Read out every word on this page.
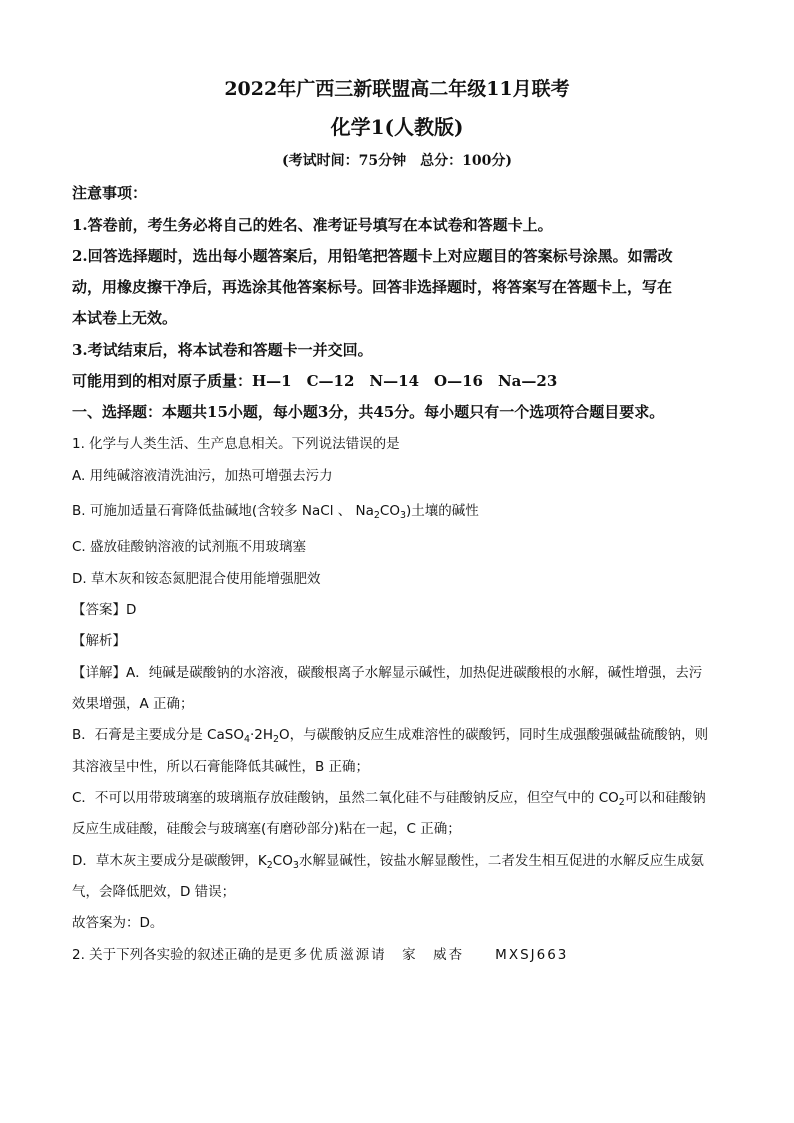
2022年广西三新联盟高二年级11月联考
化学1(人教版)
(考试时间：75分钟　总分：100分)
注意事项：
1.答卷前，考生务必将自己的姓名、准考证号填写在本试卷和答题卡上。
2.回答选择题时，选出每小题答案后，用铅笔把答题卡上对应题目的答案标号涂黑。如需改
动，用橡皮擦干净后，再选涂其他答案标号。回答非选择题时，将答案写在答题卡上，写在
本试卷上无效。
3.考试结束后，将本试卷和答题卡一并交回。
可能用到的相对原子质量：H—1　C—12　N—14　O—16　Na—23
一、选择题：本题共15小题，每小题3分，共45分。每小题只有一个选项符合题目要求。
1. 化学与人类生活、生产息息相关。下列说法错误的是
A. 用纯碱溶液清洗油污，加热可增强去污力
B. 可施加适量石膏降低盐碱地(含较多 NaCl 、 $Na_2CO_3$)土壤的碱性
C. 盛放硅酸钠溶液的试剂瓶不用玻璃塞
D. 草木灰和铵态氮肥混合使用能增强肥效
【答案】D
【解析】
【详解】A．纯碱是碳酸钠的水溶液，碳酸根离子水解显示碱性，加热促进碳酸根的水解，碱性增强，去污
效果增强，A 正确；
B．石膏是主要成分是 $CaSO_4\cdot 2H_2O$，与碳酸钠反应生成难溶性的碳酸钙，同时生成强酸强碱盐硫酸钠，则
其溶液呈中性，所以石膏能降低其碱性，B 正确；
C．不可以用带玻璃塞的玻璃瓶存放硅酸钠，虽然二氧化硅不与硅酸钠反应，但空气中的 $CO_2$可以和硅酸钠
反应生成硅酸，硅酸会与玻璃塞(有磨砂部分)粘在一起，C 正确；
D．草木灰主要成分是碳酸钾，$K_2CO_3$水解显碱性，铵盐水解显酸性，二者发生相互促进的水解反应生成氨
气，会降低肥效，D 错误；
故答案为：D。
2. 关于下列各实验的叙述正确的是更多优质滋源请　家　威杏　　MXSJ663
